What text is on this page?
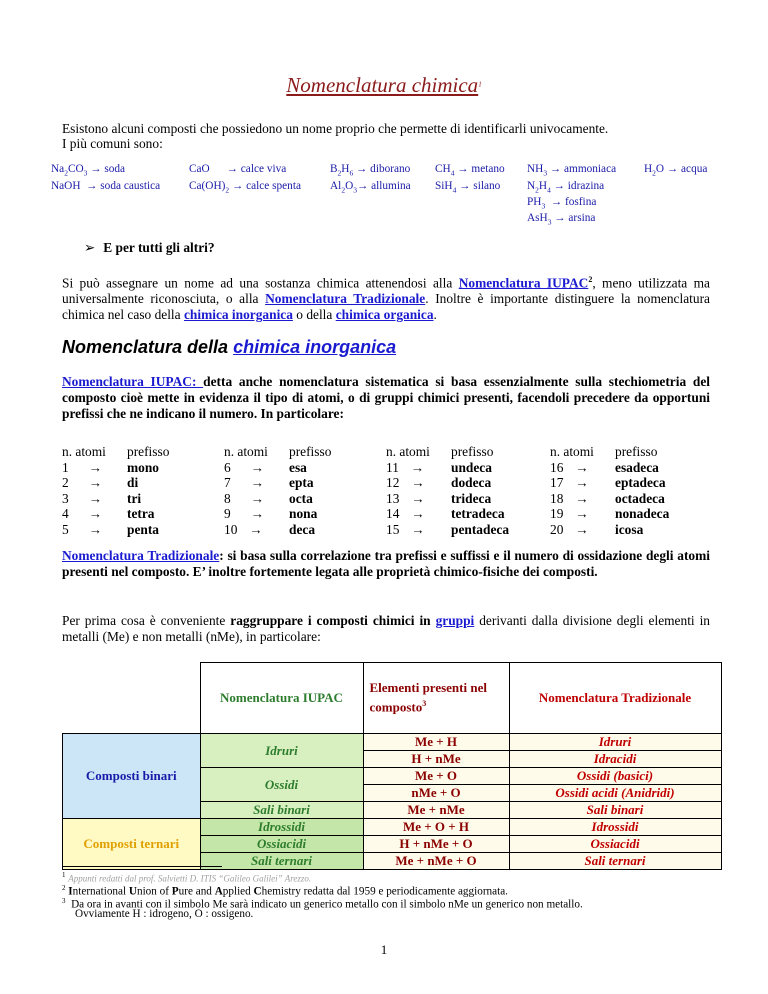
Nomenclatura chimica$^1$
Esistono alcuni composti che possiedono un nome proprio che permette di identificarli univocamente.
I più comuni sono:
$Na_2CO_3$ → soda
NaOH → soda caustica
CaO → calce viva
$Ca(OH)_2$ → calce spenta
$B_2H_6$ → diborano
$Al_2O_3\to$ allumina
$CH_4 \to metano$
SiH$_4$ → silano
$NH_3$ → ammoniaca
$N_2H_4$ → idrazina
$PH_3$ → fosfina
AsH$_3$ → arsina
$H_2O$ → acqua
➢ E per tutti gli altri?
Si può assegnare un nome ad una sostanza chimica attenendosi alla Nomenclatura IUPAC$^2$, meno utilizzata ma universalmente riconosciuta, o alla Nomenclatura Tradizionale. Inoltre è importante distinguere la nomenclatura chimica nel caso della chimica inorganica o della chimica organica.
Nomenclatura della chimica inorganica
Nomenclatura IUPAC: detta anche nomenclatura sistematica si basa essenzialmente sulla stechiometria del composto cioè mette in evidenza il tipo di atomi, o di gruppi chimici presenti, facendoli precedere da opportuni prefissi che ne indicano il numero. In particolare:
n. atomi	prefisso
1 → mono
2 → di
3 → tri
4 → tetra
5 → penta
n. atomi	prefisso
6 → esa
7 → epta
8 → octa
9 → nona
10 → deca
n. atomi	prefisso
11 → undeca
12 → dodeca
13 → trideca
14 → tetradeca
15 → pentadeca
n. atomi	prefisso
16 → esadeca
17 → eptadeca
18 → octadeca
19 → nonadeca
20 → icosa
Nomenclatura Tradizionale: si basa sulla correlazione tra prefissi e suffissi e il numero di ossidazione degli atomi presenti nel composto. E’ inoltre fortemente legata alle proprietà chimico-fisiche dei composti.
Per prima cosa è conveniente raggruppare i composti chimici in gruppi derivanti dalla divisione degli elementi in metalli (Me) e non metalli (nMe), in particolare:
	Nomenclatura IUPAC	Elementi presenti nel composto$^3$	Nomenclatura Tradizionale
Composti binari	Idruri	Me + H	Idruri
		H + nMe	Idracidi
	Ossidi	Me + O	Ossidi (basici)
		nMe + O	Ossidi acidi (Anidridi)
	Sali binari	Me + nMe	Sali binari
Composti ternari	Idrossidi	Me + O + H	Idrossidi
	Ossiacidi	H + nMe + O	Ossiacidi
	Sali ternari	Me + nMe + O	Sali ternari
$^1$ Appunti redatti dal prof. Salvietti D. ITIS “Galileo Galilei” Arezzo.
$^2$ International Union of Pure and Applied Chemistry redatta dal 1959 e periodicamente aggiornata.
$^3$ Da ora in avanti con il simbolo Me sarà indicato un generico metallo con il simbolo nMe un generico non metallo.
Ovviamente H : idrogeno, O : ossigeno.
1
